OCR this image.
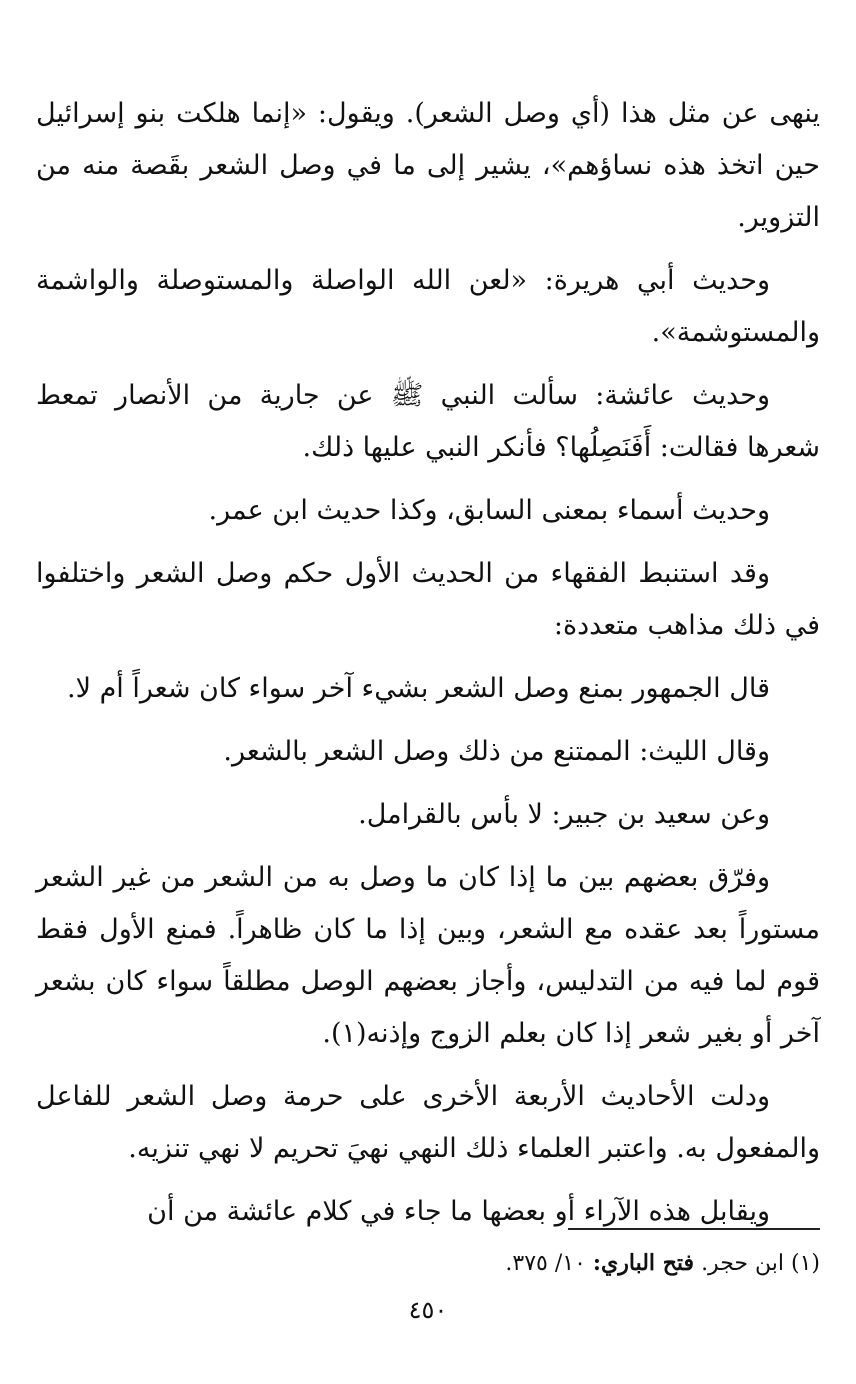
ينهى عن مثل هذا (أي وصل الشعر). ويقول: «إنما هلكت بنو إسرائيل حين اتخذ هذه نساؤهم»، يشير إلى ما في وصل الشعر بقَصة منه من التزوير.

وحديث أبي هريرة: «لعن الله الواصلة والمستوصلة والواشمة والمستوشمة».

وحديث عائشة: سألت النبي ﷺ عن جارية من الأنصار تمعط شعرها فقالت: أَفَنَصِلُها؟ فأنكر النبي عليها ذلك.

وحديث أسماء بمعنى السابق، وكذا حديث ابن عمر.

وقد استنبط الفقهاء من الحديث الأول حكم وصل الشعر واختلفوا في ذلك مذاهب متعددة:

قال الجمهور بمنع وصل الشعر بشيء آخر سواء كان شعراً أم لا.

وقال الليث: الممتنع من ذلك وصل الشعر بالشعر.

وعن سعيد بن جبير: لا بأس بالقرامل.

وفرّق بعضهم بين ما إذا كان ما وصل به من الشعر من غير الشعر مستوراً بعد عقده مع الشعر، وبين إذا ما كان ظاهراً. فمنع الأول فقط قوم لما فيه من التدليس، وأجاز بعضهم الوصل مطلقاً سواء كان بشعر آخر أو بغير شعر إذا كان بعلم الزوج وإذنه(١).

ودلت الأحاديث الأربعة الأخرى على حرمة وصل الشعر للفاعل والمفعول به. واعتبر العلماء ذلك النهي نهيَ تحريم لا نهي تنزيه.

ويقابل هذه الآراء أو بعضها ما جاء في كلام عائشة من أن

(١) ابن حجر. فتح الباري: ١٠/ ٣٧٥.
٤٥٠
